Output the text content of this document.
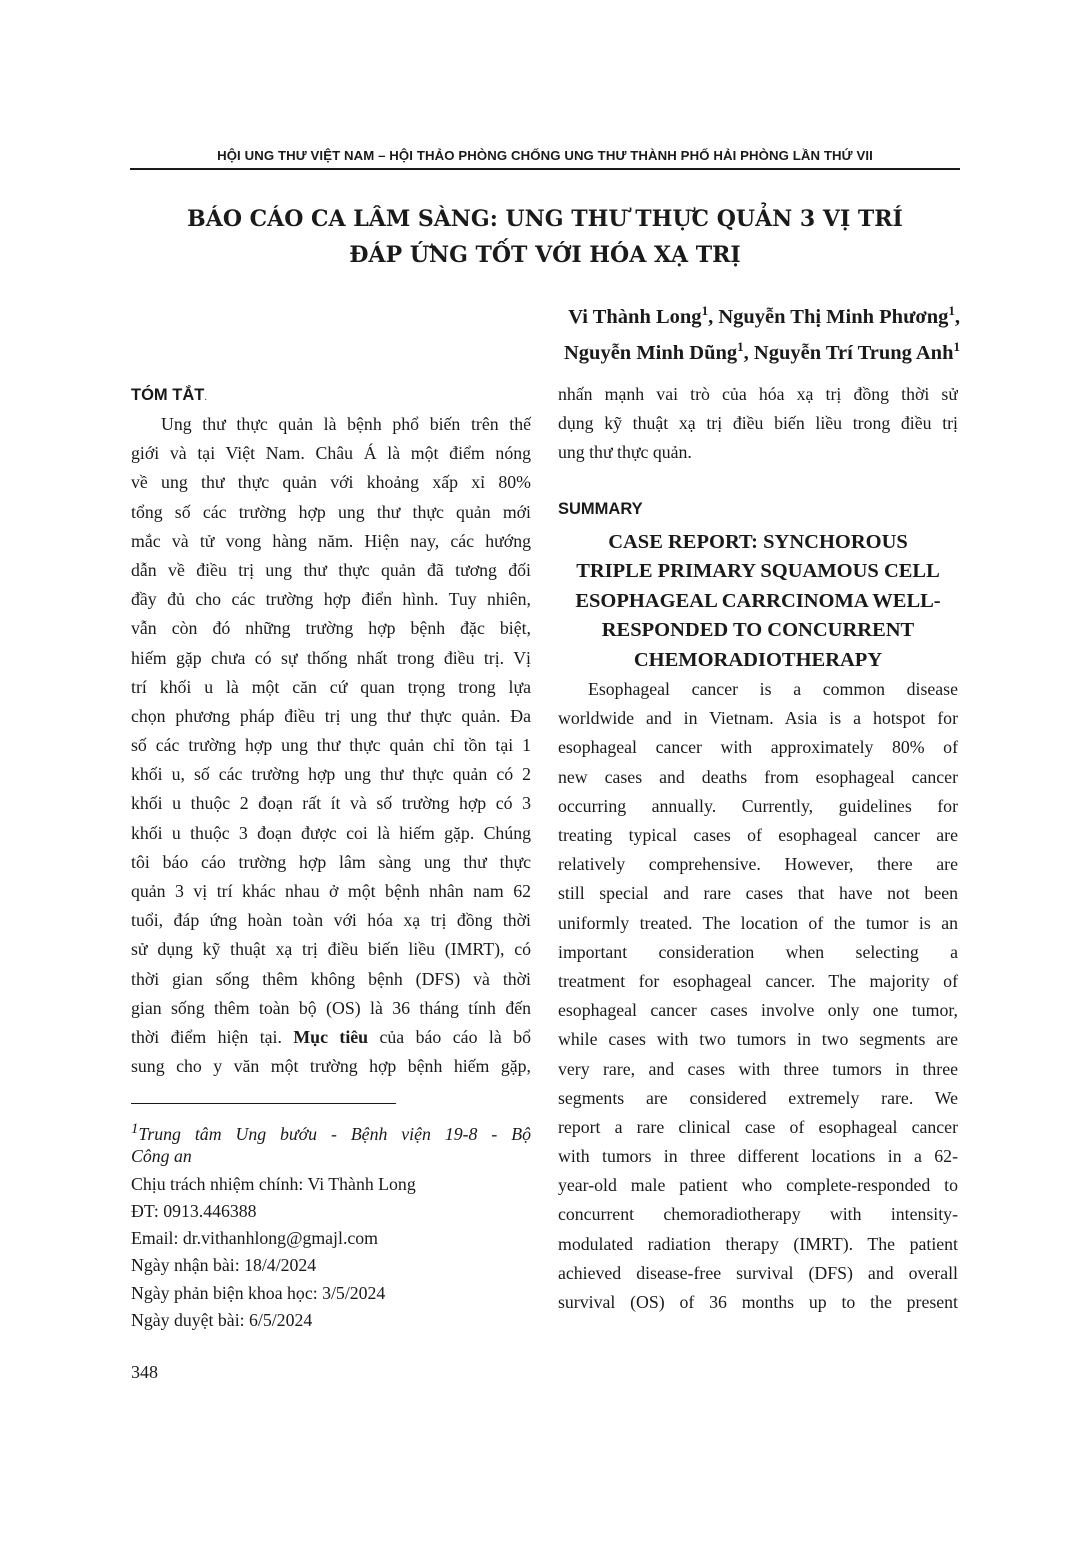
HỘI UNG THƯ VIỆT NAM – HỘI THẢO PHÒNG CHỐNG UNG THƯ THÀNH PHỐ HẢI PHÒNG LẦN THỨ VII
BÁO CÁO CA LÂM SÀNG: UNG THƯ THỰC QUẢN 3 VỊ TRÍ
ĐÁP ỨNG TỐT VỚI HÓA XẠ TRỊ
Vi Thành Long$^1$, Nguyễn Thị Minh Phương$^1$,
Nguyễn Minh Dũng$^1$, Nguyễn Trí Trung Anh$^1$
TÓM TẮT.
Ung thư thực quản là bệnh phổ biến trên thế
giới và tại Việt Nam. Châu Á là một điểm nóng
về ung thư thực quản với khoảng xấp xỉ 80%
tổng số các trường hợp ung thư thực quản mới
mắc và tử vong hàng năm. Hiện nay, các hướng
dẫn về điều trị ung thư thực quản đã tương đối
đầy đủ cho các trường hợp điển hình. Tuy nhiên,
vẫn còn đó những trường hợp bệnh đặc biệt,
hiếm gặp chưa có sự thống nhất trong điều trị. Vị
trí khối u là một căn cứ quan trọng trong lựa
chọn phương pháp điều trị ung thư thực quản. Đa
số các trường hợp ung thư thực quản chỉ tồn tại 1
khối u, số các trường hợp ung thư thực quản có 2
khối u thuộc 2 đoạn rất ít và số trường hợp có 3
khối u thuộc 3 đoạn được coi là hiếm gặp. Chúng
tôi báo cáo trường hợp lâm sàng ung thư thực
quản 3 vị trí khác nhau ở một bệnh nhân nam 62
tuổi, đáp ứng hoàn toàn với hóa xạ trị đồng thời
sử dụng kỹ thuật xạ trị điều biến liều (IMRT), có
thời gian sống thêm không bệnh (DFS) và thời
gian sống thêm toàn bộ (OS) là 36 tháng tính đến
thời điểm hiện tại. Mục tiêu của báo cáo là bổ
sung cho y văn một trường hợp bệnh hiếm gặp,
$^1$Trung tâm Ung bướu - Bệnh viện 19-8 - Bộ
Công an
Chịu trách nhiệm chính: Vi Thành Long
ĐT: 0913.446388
Email: dr.vithanhlong@gmajl.com
Ngày nhận bài: 18/4/2024
Ngày phản biện khoa học: 3/5/2024
Ngày duyệt bài: 6/5/2024
nhấn mạnh vai trò của hóa xạ trị đồng thời sử
dụng kỹ thuật xạ trị điều biến liều trong điều trị
ung thư thực quản.
SUMMARY
CASE REPORT: SYNCHOROUS
TRIPLE PRIMARY SQUAMOUS CELL
ESOPHAGEAL CARRCINOMA WELL-
RESPONDED TO CONCURRENT
CHEMORADIOTHERAPY
Esophageal cancer is a common disease
worldwide and in Vietnam. Asia is a hotspot for
esophageal cancer with approximately 80% of
new cases and deaths from esophageal cancer
occurring annually. Currently, guidelines for
treating typical cases of esophageal cancer are
relatively comprehensive. However, there are
still special and rare cases that have not been
uniformly treated. The location of the tumor is an
important consideration when selecting a
treatment for esophageal cancer. The majority of
esophageal cancer cases involve only one tumor,
while cases with two tumors in two segments are
very rare, and cases with three tumors in three
segments are considered extremely rare. We
report a rare clinical case of esophageal cancer
with tumors in three different locations in a 62-
year-old male patient who complete-responded to
concurrent chemoradiotherapy with intensity-
modulated radiation therapy (IMRT). The patient
achieved disease-free survival (DFS) and overall
survival (OS) of 36 months up to the present
348
